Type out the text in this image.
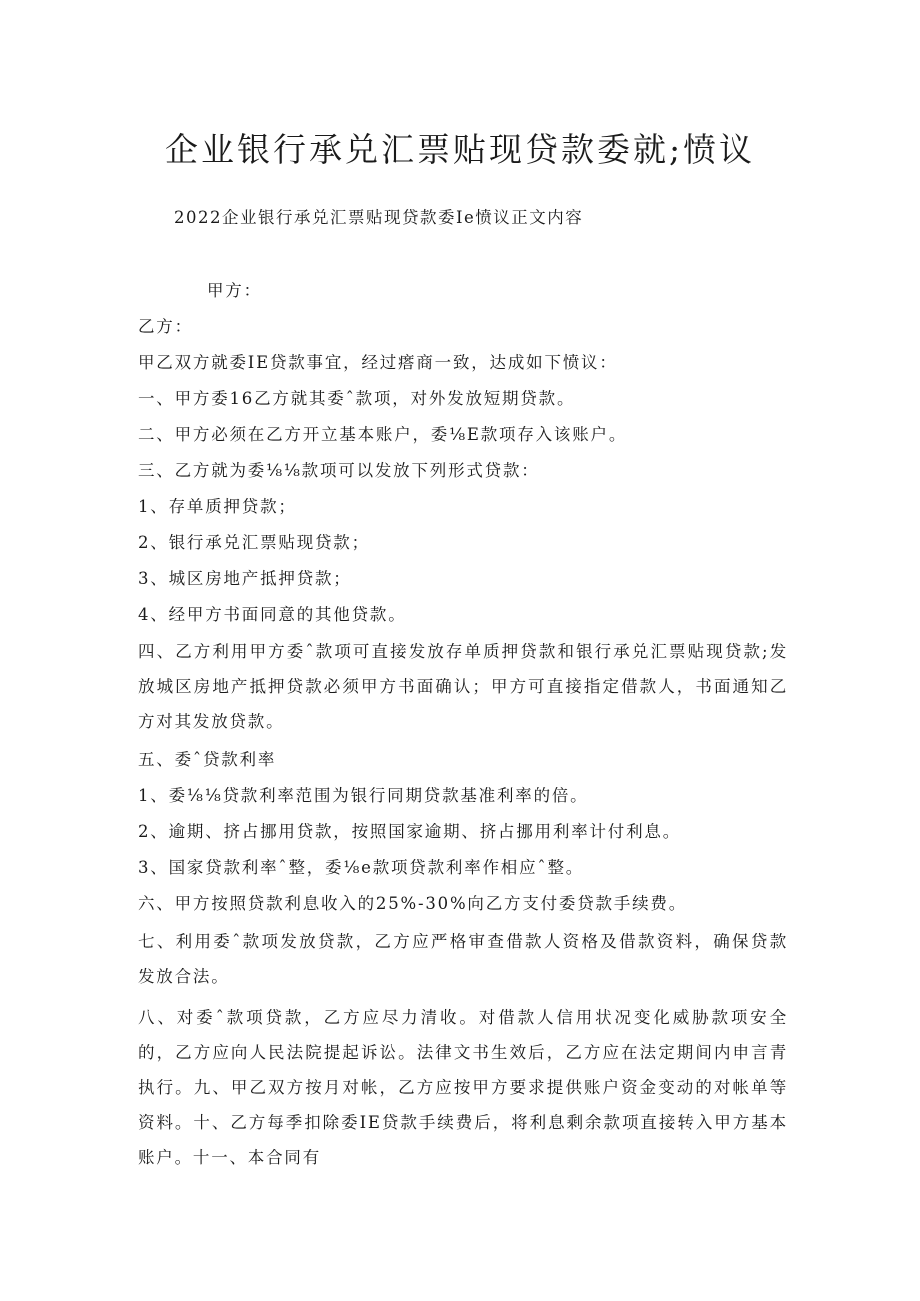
企业银行承兑汇票贴现贷款委就;愤议
2022企业银行承兑汇票贴现贷款委Ie愤议正文内容
甲方：
乙方：
甲乙双方就委IE贷款事宜，经过瘩商一致，达成如下愤议：
一、甲方委16乙方就其委ˆ款项，对外发放短期贷款。
二、甲方必须在乙方开立基本账户，委⅛E款项存入该账户。
三、乙方就为委⅛⅛款项可以发放下列形式贷款：
1、存单质押贷款；
2、银行承兑汇票贴现贷款；
3、城区房地产抵押贷款；
4、经甲方书面同意的其他贷款。
四、乙方利用甲方委ˆ款项可直接发放存单质押贷款和银行承兑汇票贴现贷款;发放城区房地产抵押贷款必须甲方书面确认；甲方可直接指定借款人，书面通知乙方对其发放贷款。
五、委ˆ贷款利率
1、委⅛⅛贷款利率范围为银行同期贷款基准利率的倍。
2、逾期、挤占挪用贷款，按照国家逾期、挤占挪用利率计付利息。
3、国家贷款利率ˆ整，委⅛e款项贷款利率作相应ˆ整。
六、甲方按照贷款利息收入的25%-30%向乙方支付委贷款手续费。
七、利用委ˆ款项发放贷款，乙方应严格审查借款人资格及借款资料，确保贷款发放合法。
八、对委ˆ款项贷款，乙方应尽力清收。对借款人信用状况变化威胁款项安全的，乙方应向人民法院提起诉讼。法律文书生效后，乙方应在法定期间内申言青执行。九、甲乙双方按月对帐，乙方应按甲方要求提供账户资金变动的对帐单等资料。十、乙方每季扣除委IE贷款手续费后，将利息剩余款项直接转入甲方基本账户。十一、本合同有
